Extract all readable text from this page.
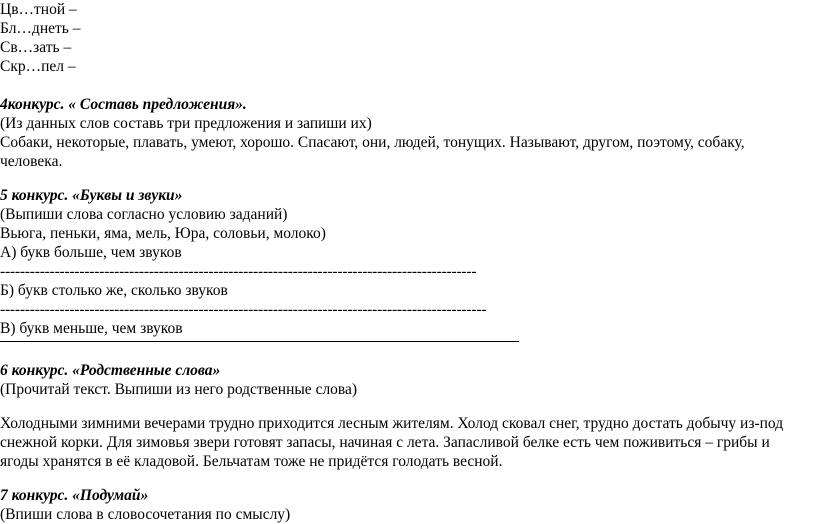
Цв…тной –
Бл…днеть –
Св…зать –
Скр…пел –
4конкурс. « Составь предложения».
(Из данных слов составь три предложения и запиши их)
Собаки, некоторые, плавать, умеют, хорошо. Спасают, они, людей, тонущих. Называют, другом, поэтому, собаку,
человека.
5 конкурс. «Буквы и звуки»
(Выпиши слова согласно условию заданий)
Вьюга, пеньки, яма, мель, Юра, соловьи, молоко)
А) букв больше, чем звуков
------------------------------------------------------------------------------------------------
Б) букв столько же, сколько звуков
--------------------------------------------------------------------------------------------------
В) букв меньше, чем звуков
6 конкурс. «Родственные слова»
(Прочитай текст. Выпиши из него родственные слова)
Холодными зимними вечерами трудно приходится лесным жителям. Холод сковал снег, трудно достать добычу из-под
снежной корки. Для зимовья звери готовят запасы, начиная с лета. Запасливой белке есть чем поживиться – грибы и
ягоды хранятся в её кладовой. Бельчатам тоже не придётся голодать весной.
7 конкурс. «Подумай»
(Впиши слова в словосочетания по смыслу)
